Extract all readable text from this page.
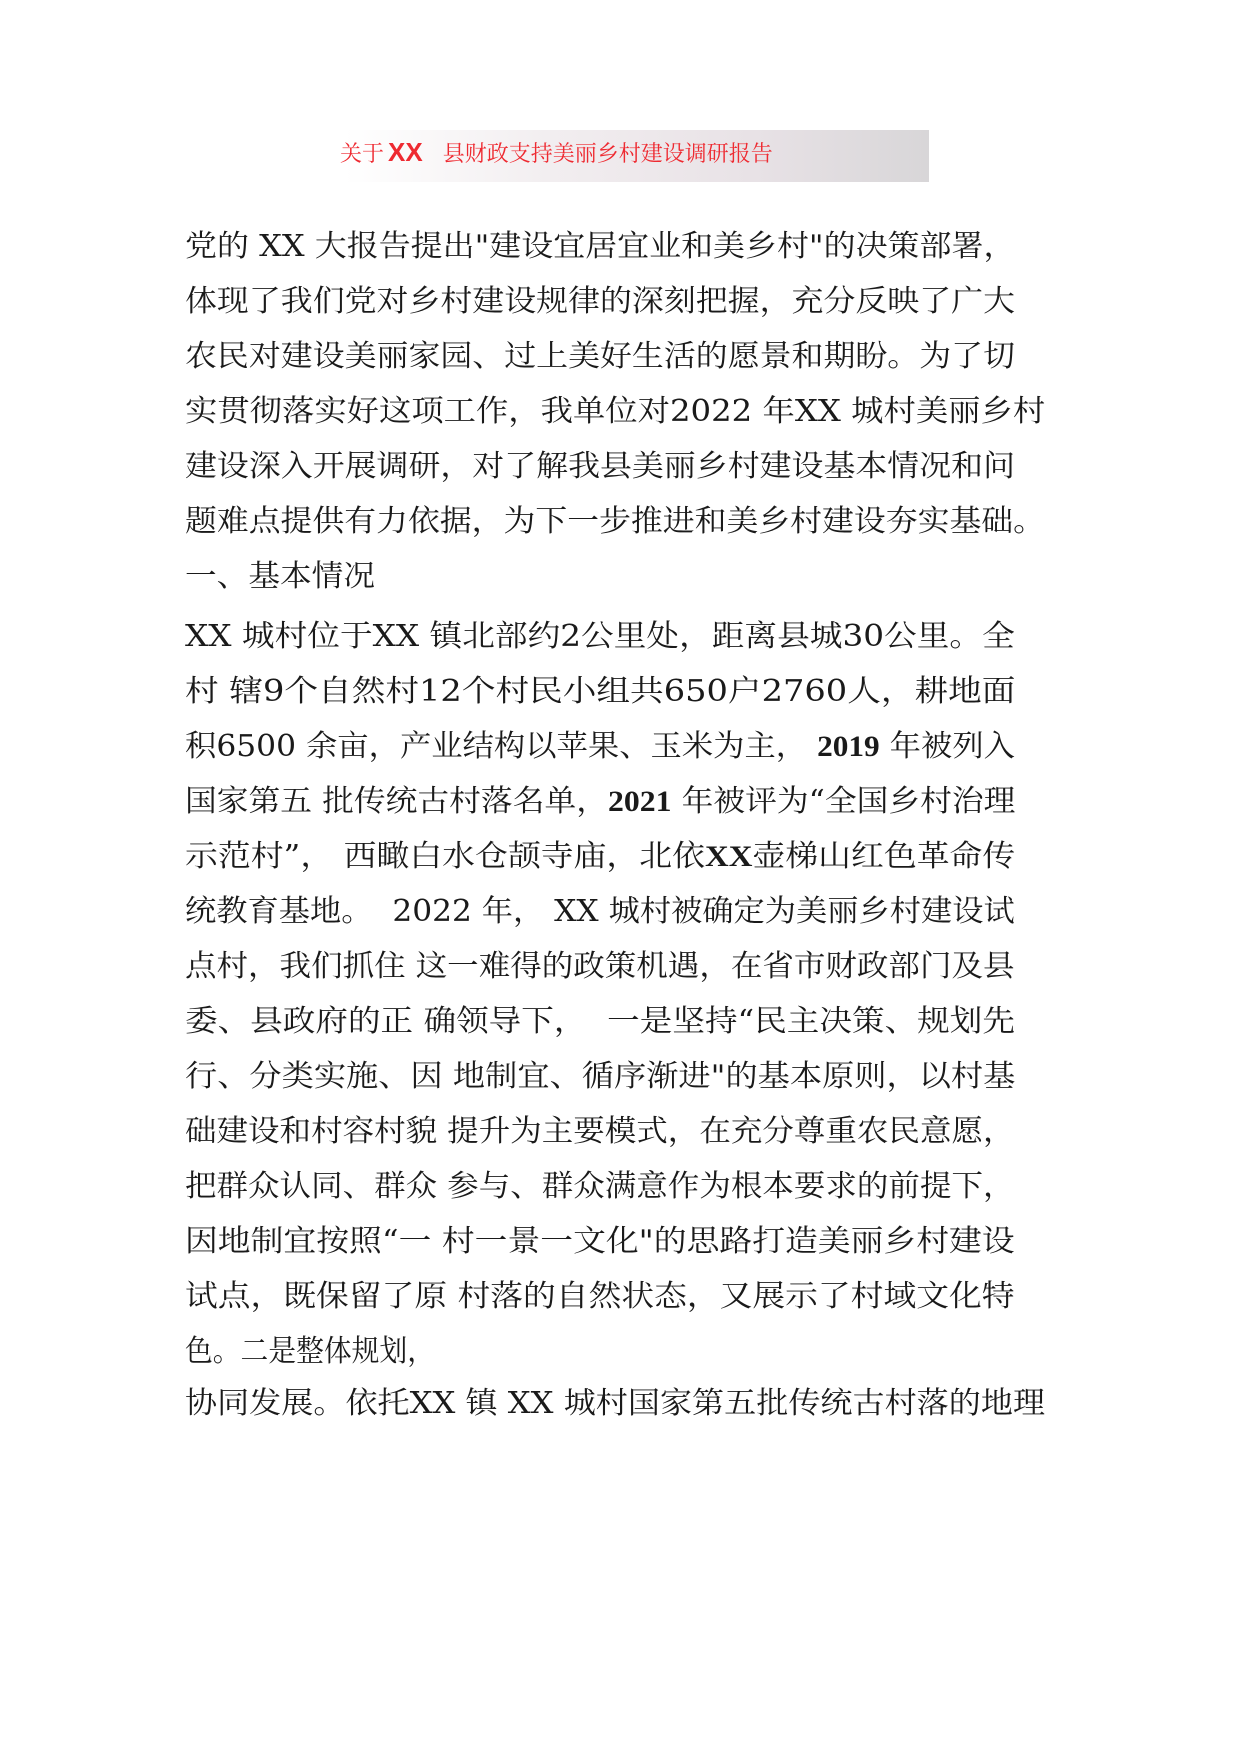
关于 XX 县财政支持美丽乡村建设调研报告
党的 XX 大报告提出"建设宜居宜业和美乡村"的决策部署，
体现了我们党对乡村建设规律的深刻把握，充分反映了广大
农民对建设美丽家园、过上美好生活的愿景和期盼。为了切
实贯彻落实好这项工作，我单位对2022 年XX 城村美丽乡村
建设深入开展调研，对了解我县美丽乡村建设基本情况和问
题难点提供有力依据，为下一步推进和美乡村建设夯实基础。
一、基本情况
XX 城村位于XX 镇北部约2公里处，距离县城30公里。全
村 辖9个自然村12个村民小组共650户2760人，耕地面
积6500 余亩，产业结构以苹果、玉米为主， 2019 年被列入
国家第五 批传统古村落名单，2021 年被评为“全国乡村治理
示范村”， 西瞰白水仓颉寺庙，北依XX壶梯山红色革命传
统教育基地。  2022 年， XX 城村被确定为美丽乡村建设试
点村，我们抓住 这一难得的政策机遇，在省市财政部门及县
委、县政府的正 确领导下，  一是坚持“民主决策、规划先
行、分类实施、因 地制宜、循序渐进"的基本原则，以村基
础建设和村容村貌 提升为主要模式，在充分尊重农民意愿，
把群众认同、群众 参与、群众满意作为根本要求的前提下，
因地制宜按照“一 村一景一文化"的思路打造美丽乡村建设
试点，既保留了原 村落的自然状态，又展示了村域文化特
色。二是整体规划，
协同发展。依托XX 镇 XX 城村国家第五批传统古村落的地理
